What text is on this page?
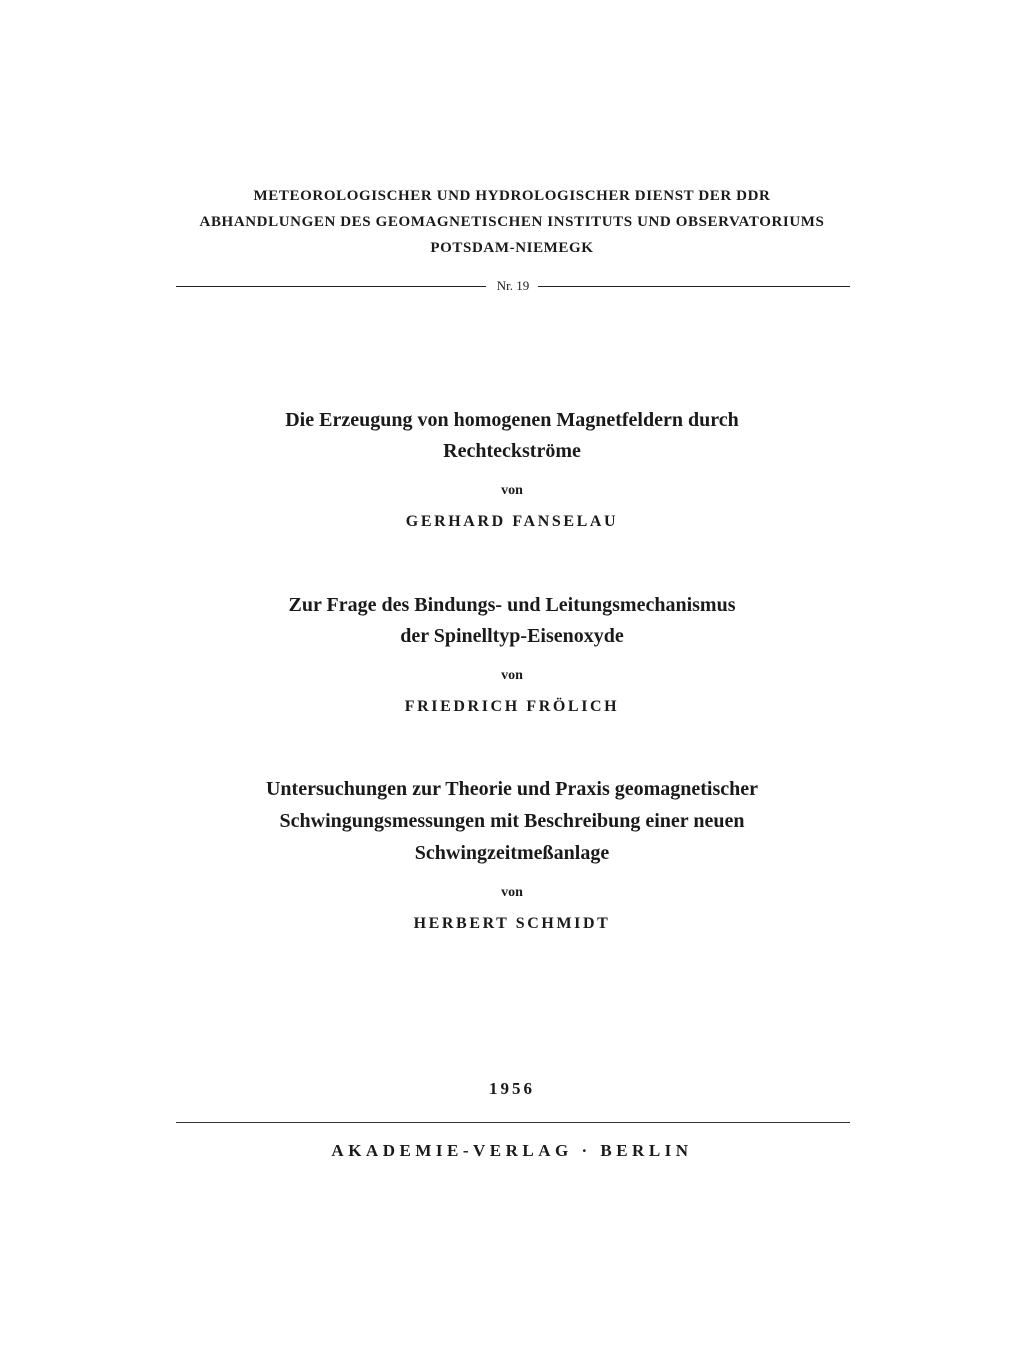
METEOROLOGISCHER UND HYDROLOGISCHER DIENST DER DDR
ABHANDLUNGEN DES GEOMAGNETISCHEN INSTITUTS UND OBSERVATORIUMS
POTSDAM-NIEMEGK
Nr. 19
Die Erzeugung von homogenen Magnetfeldern durch
Rechteckströme
von
GERHARD FANSELAU
Zur Frage des Bindungs- und Leitungsmechanismus
der Spinelltyp-Eisenoxyde
von
FRIEDRICH FRÖLICH
Untersuchungen zur Theorie und Praxis geomagnetischer
Schwingungsmessungen mit Beschreibung einer neuen
Schwingzeitmeßanlage
von
HERBERT SCHMIDT
1956
AKADEMIE-VERLAG · BERLIN
